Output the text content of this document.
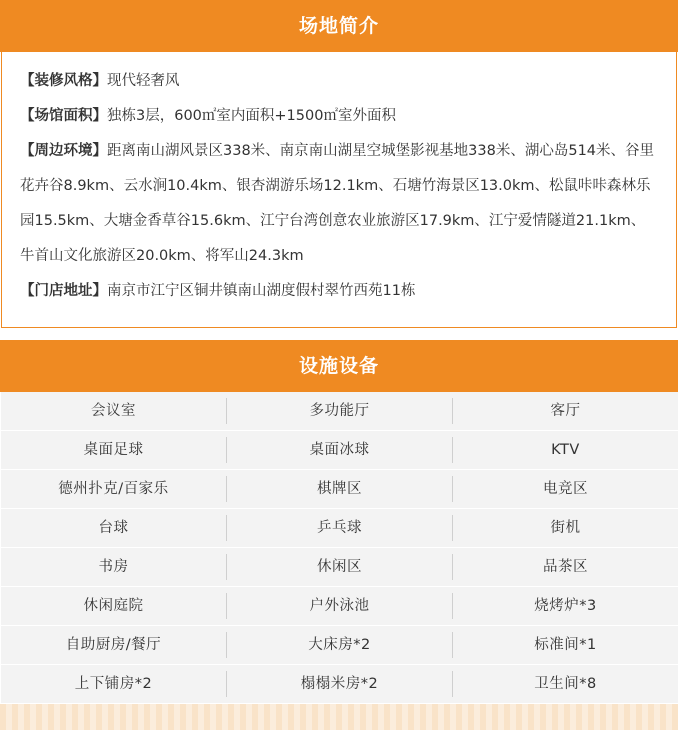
场地简介

【装修风格】现代轻奢风

【场馆面积】独栋3层，600㎡室内面积+1500㎡室外面积

【周边环境】距离南山湖风景区338米、南京南山湖星空城堡影视基地338米、湖心岛514米、谷里花卉谷8.9km、云水涧10.4km、银杏湖游乐场12.1km、石塘竹海景区13.0km、松鼠咔咔森林乐园15.5km、大塘金香草谷15.6km、江宁台湾创意农业旅游区17.9km、江宁爱情隧道21.1km、牛首山文化旅游区20.0km、将军山24.3km

【门店地址】南京市江宁区铜井镇南山湖度假村翠竹西苑11栋

设施设备
会议室	多功能厅	客厅
桌面足球	桌面冰球	KTV
德州扑克/百家乐	棋牌区	电竞区
台球	乒乓球	街机
书房	休闲区	品茶区
休闲庭院	户外泳池	烧烤炉*3
自助厨房/餐厅	大床房*2	标准间*1
上下铺房*2	榻榻米房*2	卫生间*8
